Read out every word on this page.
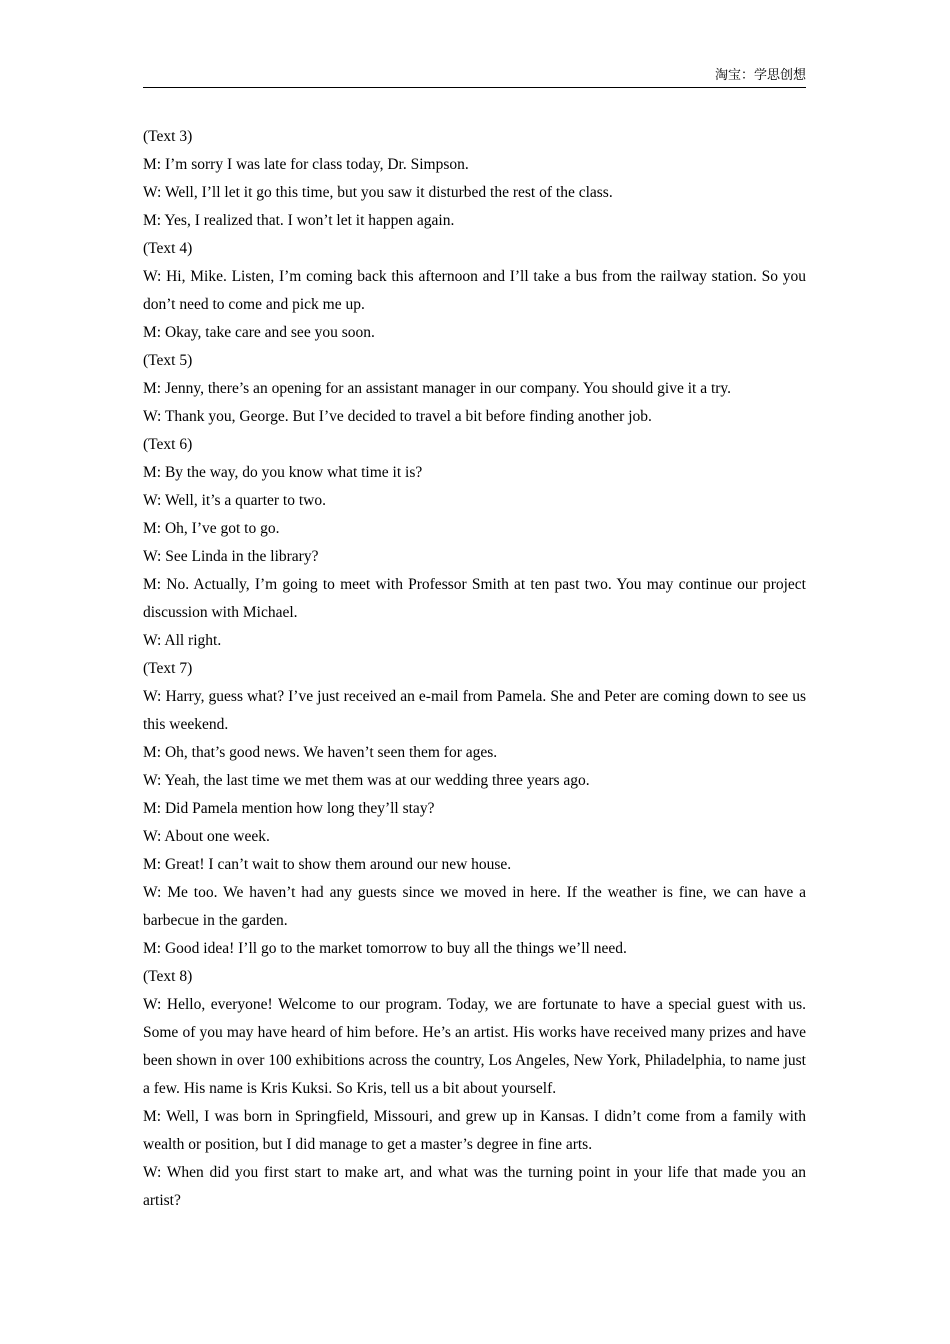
淘宝：学思创想

(Text 3)

M: I’m sorry I was late for class today, Dr. Simpson.

W: Well, I’ll let it go this time, but you saw it disturbed the rest of the class.

M: Yes, I realized that. I won’t let it happen again.

(Text 4)

W: Hi, Mike. Listen, I’m coming back this afternoon and I’ll take a bus from the railway station. So you don’t need to come and pick me up.

M: Okay, take care and see you soon.

(Text 5)

M: Jenny, there’s an opening for an assistant manager in our company. You should give it a try.

W: Thank you, George. But I’ve decided to travel a bit before finding another job.

(Text 6)

M: By the way, do you know what time it is?

W: Well, it’s a quarter to two.

M: Oh, I’ve got to go.

W: See Linda in the library?

M: No. Actually, I’m going to meet with Professor Smith at ten past two. You may continue our project discussion with Michael.

W: All right.

(Text 7)

W: Harry, guess what? I’ve just received an e-mail from Pamela. She and Peter are coming down to see us this weekend.

M: Oh, that’s good news. We haven’t seen them for ages.

W: Yeah, the last time we met them was at our wedding three years ago.

M: Did Pamela mention how long they’ll stay?

W: About one week.

M: Great! I can’t wait to show them around our new house.

W: Me too. We haven’t had any guests since we moved in here. If the weather is fine, we can have a barbecue in the garden.

M: Good idea! I’ll go to the market tomorrow to buy all the things we’ll need.

(Text 8)

W: Hello, everyone! Welcome to our program. Today, we are fortunate to have a special guest with us. Some of you may have heard of him before. He’s an artist. His works have received many prizes and have been shown in over 100 exhibitions across the country, Los Angeles, New York, Philadelphia, to name just a few. His name is Kris Kuksi. So Kris, tell us a bit about yourself.

M: Well, I was born in Springfield, Missouri, and grew up in Kansas. I didn’t come from a family with wealth or position, but I did manage to get a master’s degree in fine arts.

W: When did you first start to make art, and what was the turning point in your life that made you an artist?
